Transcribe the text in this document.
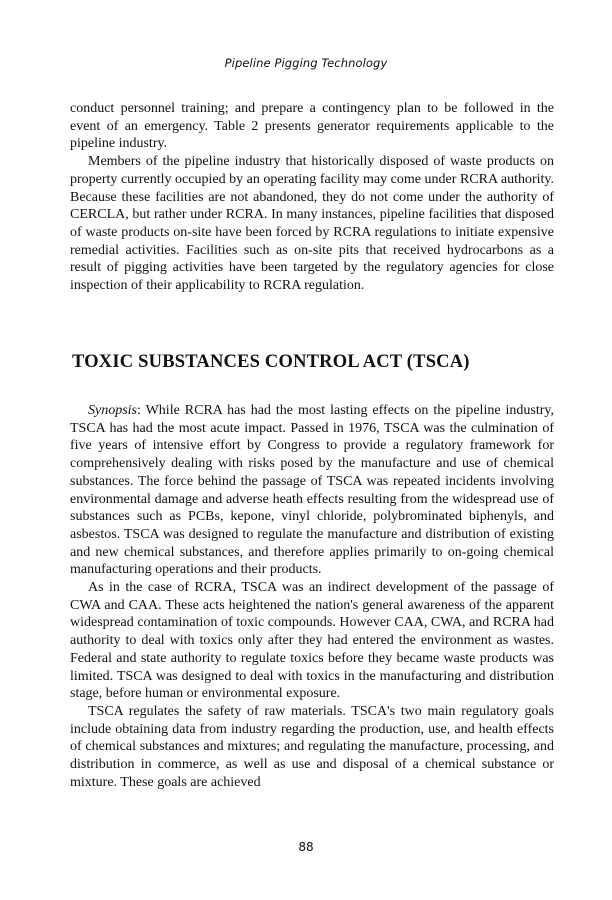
Pipeline Pigging Technology

conduct personnel training; and prepare a contingency plan to be followed in the event of an emergency. Table 2 presents generator requirements applicable to the pipeline industry.

Members of the pipeline industry that historically disposed of waste products on property currently occupied by an operating facility may come under RCRA authority. Because these facilities are not abandoned, they do not come under the authority of CERCLA, but rather under RCRA. In many instances, pipeline facilities that disposed of waste products on-site have been forced by RCRA regulations to initiate expensive remedial activities. Facilities such as on-site pits that received hydrocarbons as a result of pigging activities have been targeted by the regulatory agencies for close inspection of their applicability to RCRA regulation.

TOXIC SUBSTANCES CONTROL ACT (TSCA)

Synopsis: While RCRA has had the most lasting effects on the pipeline industry, TSCA has had the most acute impact. Passed in 1976, TSCA was the culmination of five years of intensive effort by Congress to provide a regulatory framework for comprehensively dealing with risks posed by the manufacture and use of chemical substances. The force behind the passage of TSCA was repeated incidents involving environmental damage and adverse heath effects resulting from the widespread use of substances such as PCBs, kepone, vinyl chloride, polybrominated biphenyls, and asbestos. TSCA was designed to regulate the manufacture and distribution of existing and new chemical substances, and therefore applies primarily to on-going chemical manufacturing operations and their products.

As in the case of RCRA, TSCA was an indirect development of the passage of CWA and CAA. These acts heightened the nation's general awareness of the apparent widespread contamination of toxic compounds. However CAA, CWA, and RCRA had authority to deal with toxics only after they had entered the environment as wastes. Federal and state authority to regulate toxics before they became waste products was limited. TSCA was designed to deal with toxics in the manufacturing and distribution stage, before human or environmental exposure.

TSCA regulates the safety of raw materials. TSCA's two main regulatory goals include obtaining data from industry regarding the production, use, and health effects of chemical substances and mixtures; and regulating the manufacture, processing, and distribution in commerce, as well as use and disposal of a chemical substance or mixture. These goals are achieved

88
